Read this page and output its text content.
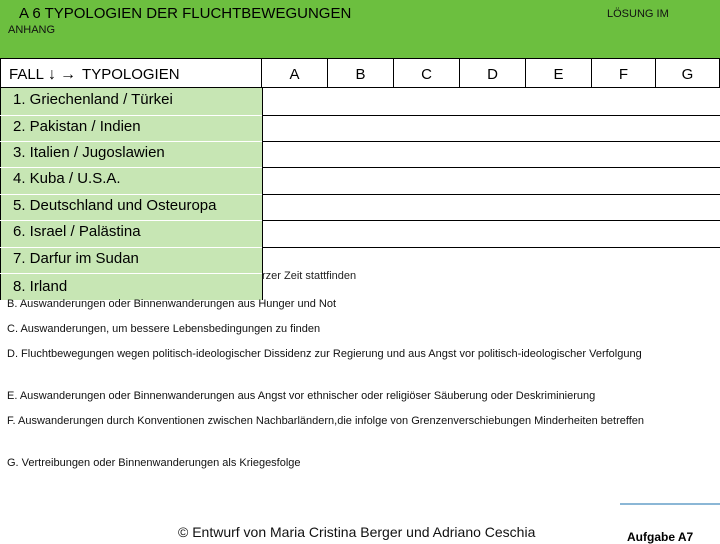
A 6 TYPOLOGIEN DER FLUCHTBEWEGUNGEN
ANHANG
LÖSUNG IM
FALL ↓ → TYPOLOGIEN	A	B	C	D	E	F	G
1. Griechenland / Türkei
2. Pakistan / Indien
3. Italien / Jugoslawien
4. Kuba / U.S.A.
5. Deutschland und Osteuropa
6. Israel / Palästina
7. Darfur im Sudan
8. Irland
rzer Zeit stattfinden
B. Auswanderungen oder Binnenwanderungen aus Hunger und Not
C. Auswanderungen, um bessere Lebensbedingungen zu finden
D. Fluchtbewegungen wegen politisch-ideologischer Dissidenz zur Regierung und aus Angst vor politisch-ideologischer Verfolgung
E. Auswanderungen oder Binnenwanderungen aus Angst vor ethnischer oder religiöser Säuberung oder Deskriminierung
F. Auswanderungen durch Konventionen zwischen Nachbarländern,die infolge von Grenzenverschiebungen Minderheiten betreffen
G. Vertreibungen oder Binnenwanderungen als Kriegesfolge
© Entwurf von Maria Cristina Berger und Adriano Ceschia	Aufgabe A7
